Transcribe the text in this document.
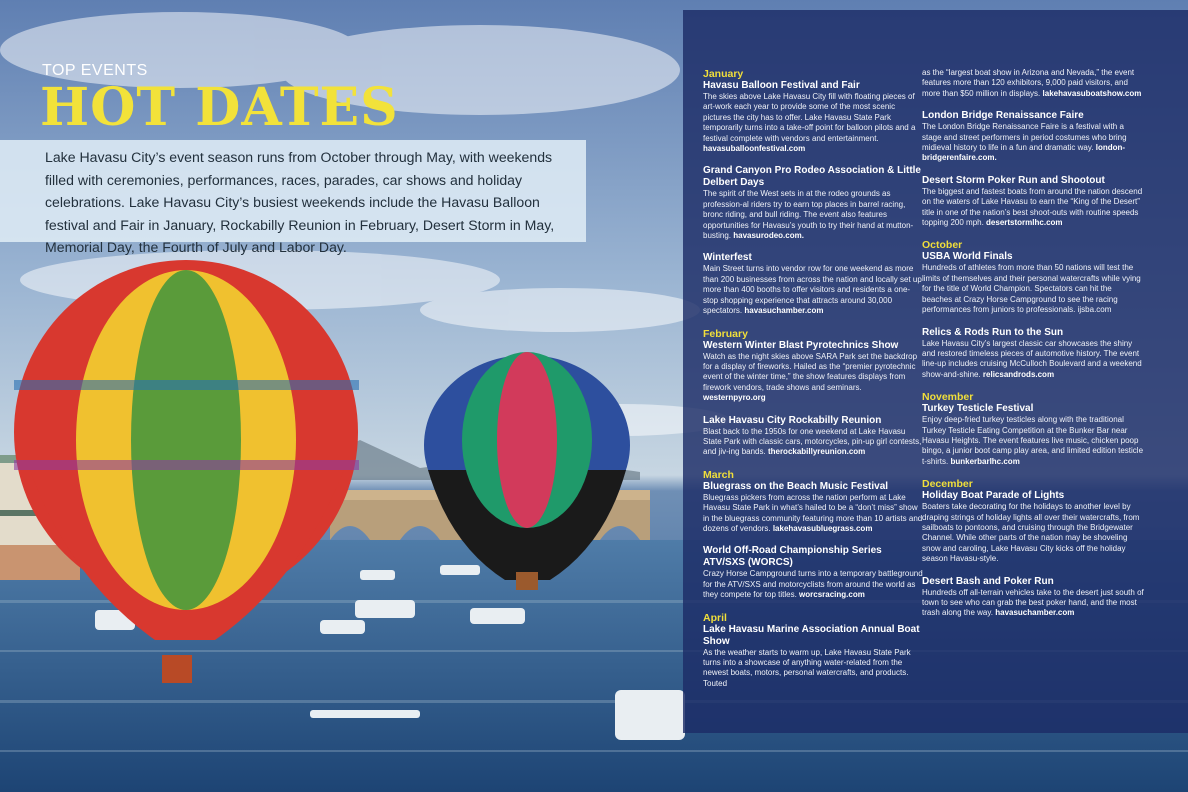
TOP EVENTS
HOT DATES
Lake Havasu City’s event season runs from October through May, with weekends filled with ceremonies, performances, races, parades, car shows and holiday celebrations. Lake Havasu City’s busiest weekends include the Havasu Balloon festival and Fair in January, Rockabilly Reunion in February, Desert Storm in May, Memorial Day, the Fourth of July and Labor Day.
January
Havasu Balloon Festival and Fair
The skies above Lake Havasu City fill with floating pieces of art-work each year to provide some of the most scenic pictures the city has to offer. Lake Havasu State Park temporarily turns into a take-off point for balloon pilots and a festival complete with vendors and entertainment. havasuballoonfestival.com
Grand Canyon Pro Rodeo Association & Little Delbert Days
The spirit of the West sets in at the rodeo grounds as profession-al riders try to earn top places in barrel racing, bronc riding, and bull riding. The event also features opportunities for Havasu’s youth to try their hand at mutton-busting. havasurodeo.com.
Winterfest
Main Street turns into vendor row for one weekend as more than 200 businesses from across the nation and locally set up more than 400 booths to offer visitors and residents a one-stop shopping experience that attracts around 30,000 spectators. havasuchamber.com
February
Western Winter Blast Pyrotechnics Show
Watch as the night skies above SARA Park set the backdrop for a display of fireworks. Hailed as the “premier pyrotechnic event of the winter time,” the show features displays from firework vendors, trade shows and seminars. westernpyro.org
Lake Havasu City Rockabilly Reunion
Blast back to the 1950s for one weekend at Lake Havasu State Park with classic cars, motorcycles, pin-up girl contests, and jiv-ing bands. therockabillyreunion.com
March
Bluegrass on the Beach Music Festival
Bluegrass pickers from across the nation perform at Lake Havasu State Park in what’s hailed to be a “don’t miss” show in the bluegrass community featuring more than 10 artists and dozens of vendors. lakehavasubluegrass.com
World Off-Road Championship Series ATV/SXS (WORCS)
Crazy Horse Campground turns into a temporary battleground for the ATV/SXS and motorcyclists from around the world as they compete for top titles. worcsracing.com
April
Lake Havasu Marine Association Annual Boat Show
As the weather starts to warm up, Lake Havasu State Park turns into a showcase of anything water-related from the newest boats, motors, personal watercrafts, and products. Touted
as the “largest boat show in Arizona and Nevada,” the event features more than 120 exhibitors, 9,000 paid visitors, and more than $50 million in displays. lakehavasuboatshow.com
London Bridge Renaissance Faire
The London Bridge Renaissance Faire is a festival with a stage and street performers in period costumes who bring midieval history to life in a fun and dramatic way. london-bridgerenfaire.com.
Desert Storm Poker Run and Shootout
The biggest and fastest boats from around the nation descend on the waters of Lake Havasu to earn the “King of the Desert” title in one of the nation’s best shoot-outs with routine speeds topping 200 mph. desertstormlhc.com
October
USBA World Finals
Hundreds of athletes from more than 50 nations will test the limits of themselves and their personal watercrafts while vying for the title of World Champion. Spectators can hit the beaches at Crazy Horse Campground to see the racing performances from juniors to professionals. ijsba.com
Relics & Rods Run to the Sun
Lake Havasu City’s largest classic car showcases the shiny and restored timeless pieces of automotive history. The event line-up includes cruising McCulloch Boulevard and a weekend show-and-shine. relicsandrods.com
November
Turkey Testicle Festival
Enjoy deep-fried turkey testicles along with the traditional Turkey Testicle Eating Competition at the Bunker Bar near Havasu Heights. The event features live music, chicken poop bingo, a junior boot camp play area, and limited edition testicle t-shirts. bunkerbarlhc.com
December
Holiday Boat Parade of Lights
Boaters take decorating for the holidays to another level by draping strings of holiday lights all over their watercrafts, from sailboats to pontoons, and cruising through the Bridgewater Channel. While other parts of the nation may be shoveling snow and caroling, Lake Havasu City kicks off the holiday season Havasu-style.
Desert Bash and Poker Run
Hundreds off all-terrain vehicles take to the desert just south of town to see who can grab the best poker hand, and the most trash along the way. havasuchamber.com
